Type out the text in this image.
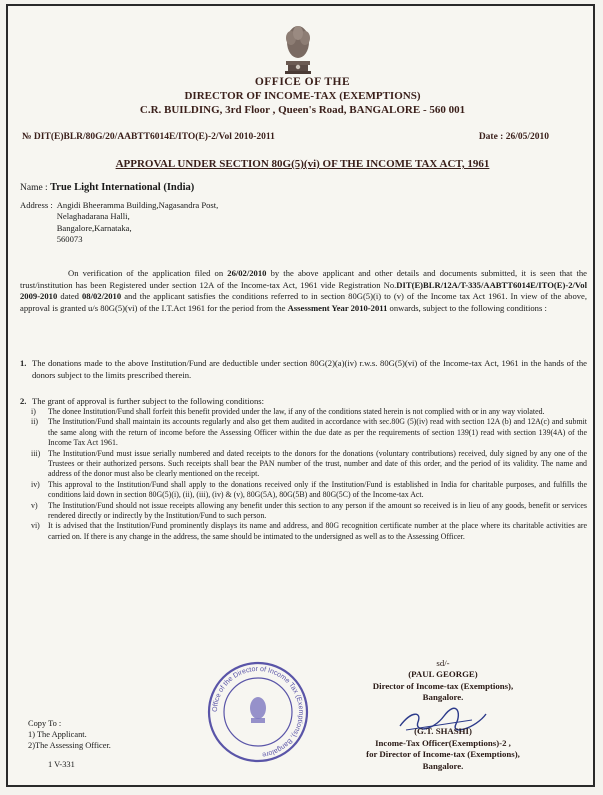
OFFICE OF THE
DIRECTOR OF INCOME-TAX (EXEMPTIONS)
C.R. BUILDING, 3rd Floor , Queen's Road, BANGALORE - 560 001
№ DIT(E)BLR/80G/20/AABTT6014E/ITO(E)-2/Vol 2010-2011	Date : 26/05/2010
APPROVAL UNDER SECTION 80G(5)(vi) OF THE INCOME TAX ACT, 1961
Name : True Light International (India)
Address : Angidi Bheeramma Building,Nagasandra Post,
Nelaghadarana Halli,
Bangalore,Karnataka,
560073
On verification of the application filed on 26/02/2010 by the above applicant and other details and documents submitted, it is seen that the trust/institution has been Registered under section 12A of the Income-tax Act, 1961 vide Registration No.DIT(E)BLR/12A/T-335/AABTT6014E/ITO(E)-2/Vol 2009-2010 dated 08/02/2010 and the applicant satisfies the conditions referred to in section 80G(5)(i) to (v) of the Income tax Act 1961. In view of the above, approval is granted u/s 80G(5)(vi) of the I.T.Act 1961 for the period from the Assessment Year 2010-2011 onwards, subject to the following conditions :
1. The donations made to the above Institution/Fund are deductible under section 80G(2)(a)(iv) r.w.s. 80G(5)(vi) of the Income-tax Act, 1961 in the hands of the donors subject to the limits prescribed therein.
2. The grant of approval is further subject to the following conditions:
i)	The donee Institution/Fund shall forfeit this benefit provided under the law, if any of the conditions stated herein is not complied with or in any way violated.
ii)	The Institution/Fund shall maintain its accounts regularly and also get them audited in accordance with sec.80G (5)(iv) read with section 12A (b) and 12A(c) and submit the same along with the return of income before the Assessing Officer within the due date as per the requirements of section 139(1) read with section 139(4A) of the Income Tax Act 1961.
iii) The Institution/Fund must issue serially numbered and dated receipts to the donors for the donations (voluntary contributions) received, duly signed by any one of the Trustees or their authorized persons. Such receipts shall bear the PAN number of the trust, number and date of this order, and the period of its validity. The name and address of the donor must also be clearly mentioned on the receipt.
iv)	This approval to the Institution/Fund shall apply to the donations received only if the Institution/Fund is established in India for charitable purposes, and fulfills the conditions laid down in section 80G(5)(i), (ii), (iii), (iv) & (v), 80G(5A), 80G(5B) and 80G(5C) of the Income-tax Act.
v)	The Institution/Fund should not issue receipts allowing any benefit under this section to any person if the amount so received is in lieu of any goods, benefit or services rendered directly or indirectly by the Institution/Fund to such person.
vi)	It is advised that the Institution/Fund prominently displays its name and address, and 80G recognition certificate number at the place where its charitable activities are carried on. If there is any change in the address, the same should be intimated to the undersigned as well as to the Assessing Officer.
sd/-
(PAUL GEORGE)
Director of Income-tax (Exemptions),
Bangalore.
(G.T. SHASHI)
Income-Tax Officer(Exemptions)-2 ,
for Director of Income-tax (Exemptions),
Bangalore.
Copy To :
1) The Applicant.
2)The Assessing Officer.
1 V-331
Office of the Director of Income Tax (Exemptions), Bangalore
